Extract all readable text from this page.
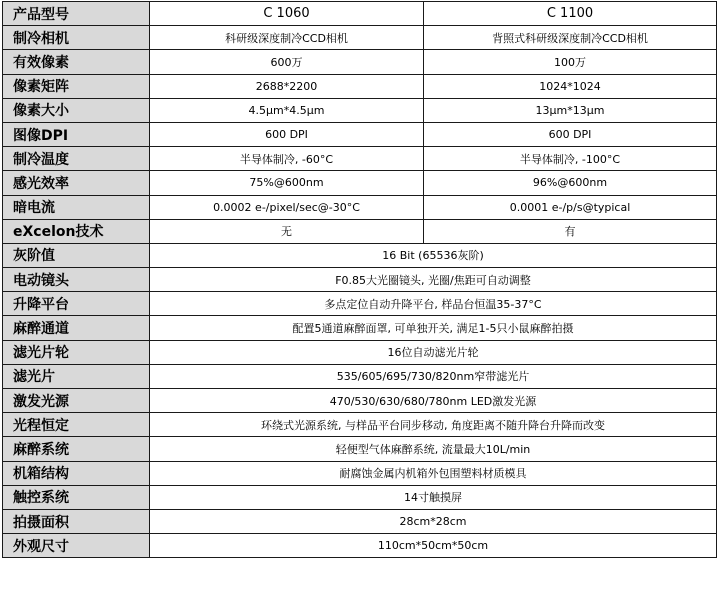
产品型号	C 1060	C 1100
制冷相机	科研级深度制冷CCD相机	背照式科研级深度制冷CCD相机
有效像素	600万	100万
像素矩阵	2688*2200	1024*1024
像素大小	4.5μm*4.5μm	13μm*13μm
图像DPI	600 DPI	600 DPI
制冷温度	半导体制冷, -60°C	半导体制冷, -100°C
感光效率	75%@600nm	96%@600nm
暗电流	0.0002 e-/pixel/sec@-30°C	0.0001 e-/p/s@typical
eXcelon技术	无	有
灰阶值	16 Bit (65536灰阶)	
电动镜头	F0.85大光圈镜头, 光圈/焦距可自动调整	
升降平台	多点定位自动升降平台, 样品台恒温35-37°C	
麻醉通道	配置5通道麻醉面罩, 可单独开关, 满足1-5只小鼠麻醉拍摄	
滤光片轮	16位自动滤光片轮	
滤光片	535/605/695/730/820nm窄带滤光片	
激发光源	470/530/630/680/780nm LED激发光源	
光程恒定	环绕式光源系统, 与样品平台同步移动, 角度距离不随升降台升降而改变	
麻醉系统	轻便型气体麻醉系统, 流量最大10L/min	
机箱结构	耐腐蚀金属内机箱外包围塑料材质模具	
触控系统	14寸触摸屏	
拍摄面积	28cm*28cm	
外观尺寸	110cm*50cm*50cm	
